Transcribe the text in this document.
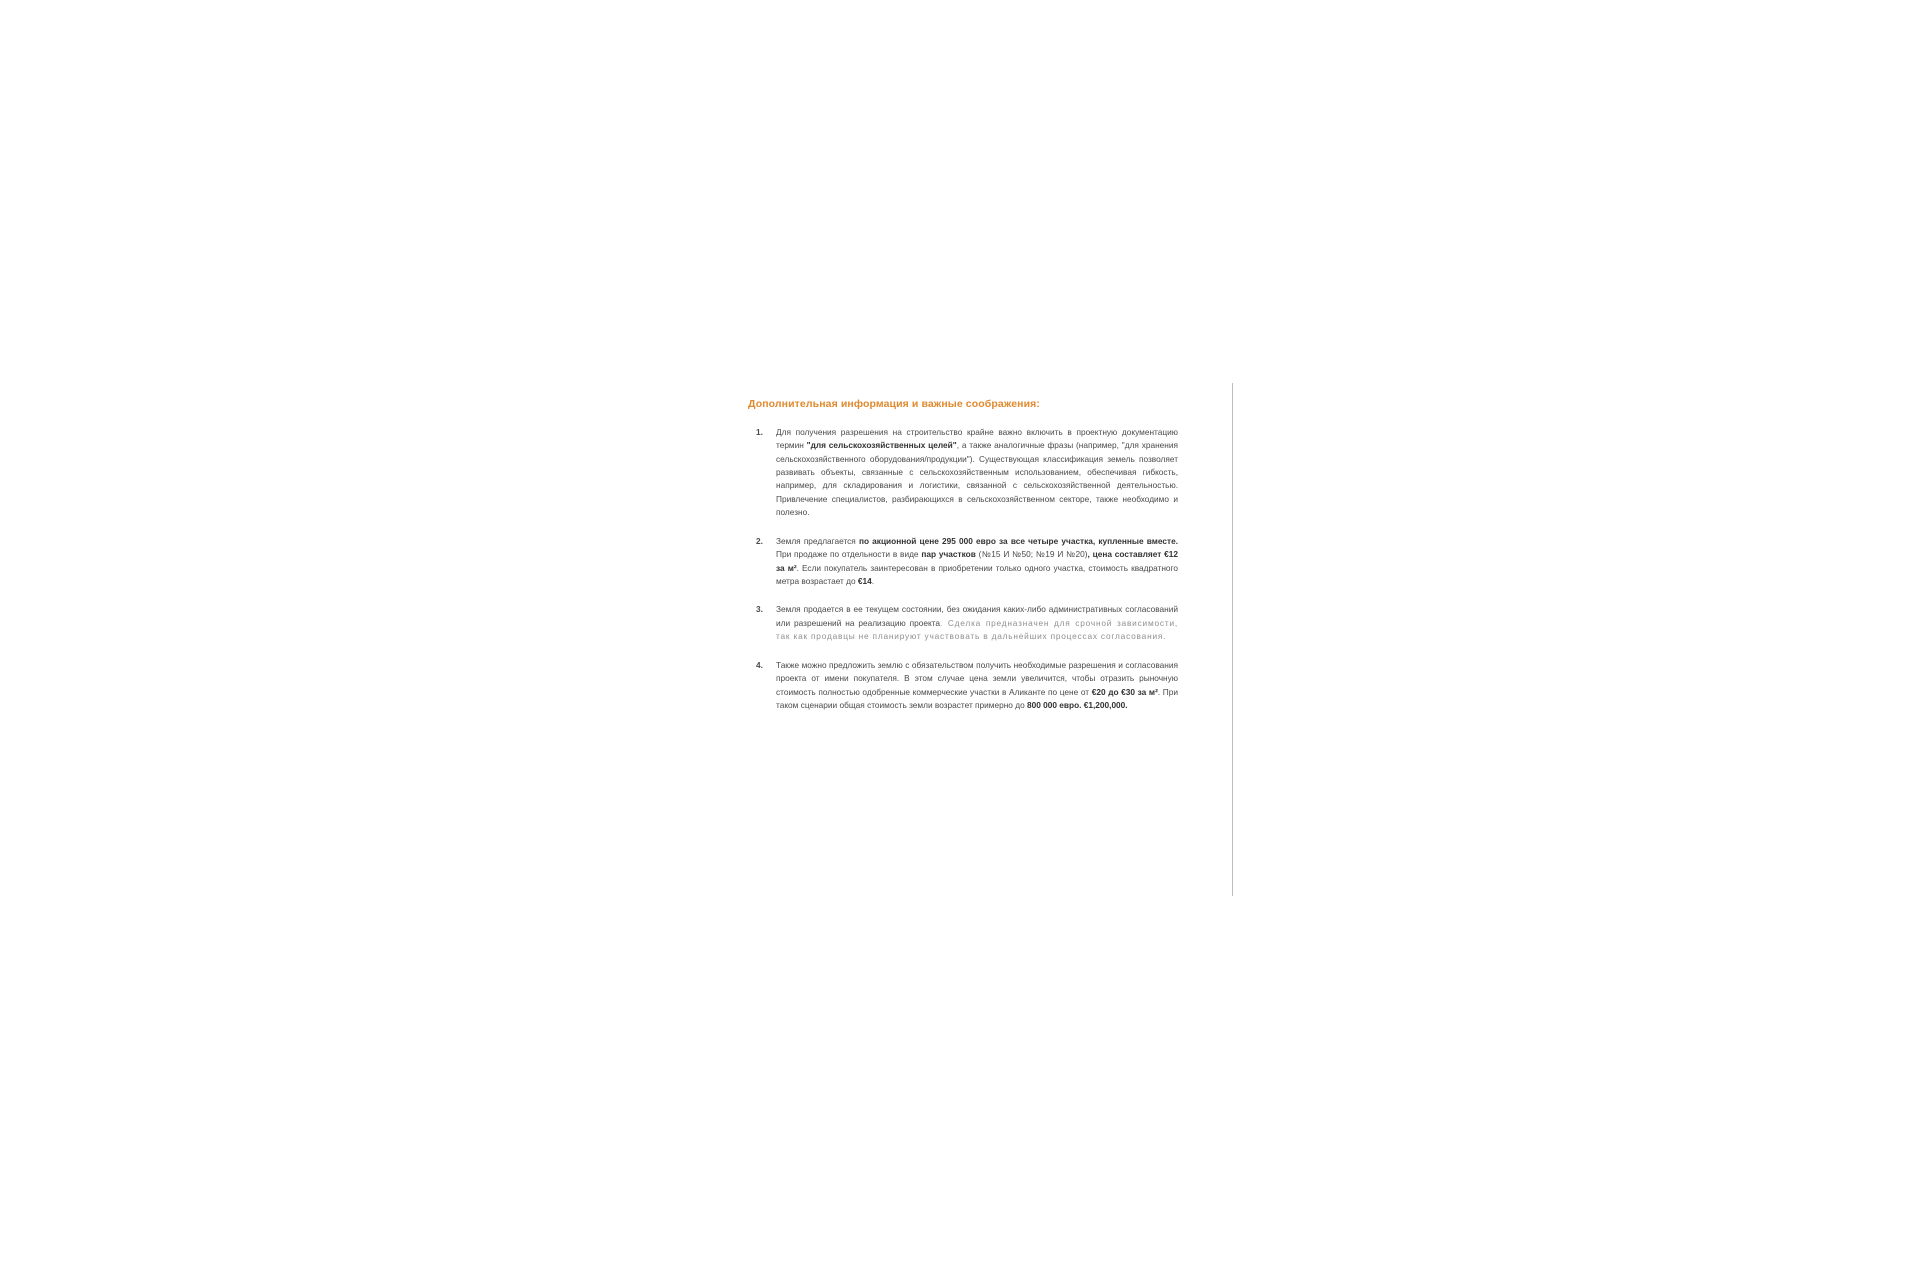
Дополнительная информация и важные соображения:
Для получения разрешения на строительство крайне важно включить в проектную документацию термин "для сельскохозяйственных целей", а также аналогичные фразы (например, "для хранения сельскохозяйственного оборудования/продукции"). Существующая классификация земель позволяет развивать объекты, связанные с сельскохозяйственным использованием, обеспечивая гибкость, например, для складирования и логистики, связанной с сельскохозяйственной деятельностью. Привлечение специалистов, разбирающихся в сельскохозяйственном секторе, также необходимо и полезно.
Земля предлагается по акционной цене 295 000 евро за все четыре участка, купленные вместе. При продаже по отдельности в виде пар участков (№15 И №50; №19 И №20), цена составляет €12 за м². Если покупатель заинтересован в приобретении только одного участка, стоимость квадратного метра возрастает до €14.
Земля продается в ее текущем состоянии, без ожидания каких-либо административных согласований или разрешений на реализацию проекта. Сделка предназначен для срочной зависимости, так как продавцы не планируют участвовать в дальнейших процессах согласования.
Также можно предложить землю с обязательством получить необходимые разрешения и согласования проекта от имени покупателя. В этом случае цена земли увеличится, чтобы отразить рыночную стоимость полностью одобренные коммерческие участки в Аликанте по цене от €20 до €30 за м². При таком сценарии общая стоимость земли возрастет примерно до 800 000 евро. €1,200,000.
